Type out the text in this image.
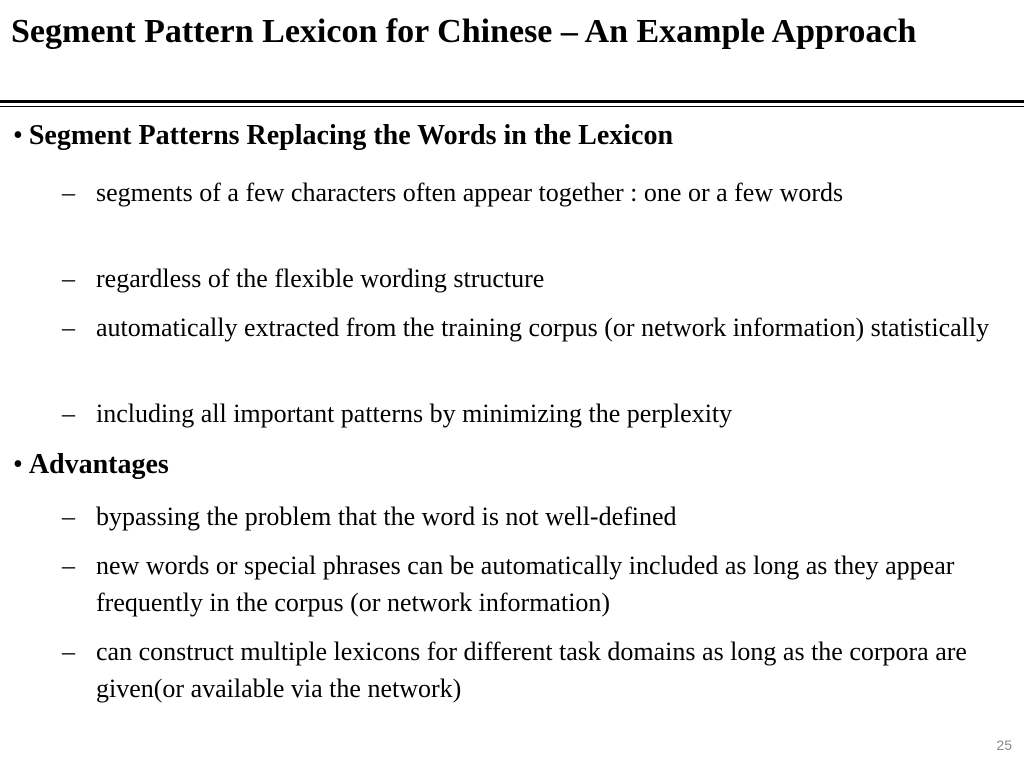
Segment Pattern Lexicon for Chinese – An Example Approach
• Segment Patterns Replacing the Words in the Lexicon
– segments of a few characters often appear together : one or a few words
– regardless of the flexible wording structure
– automatically extracted from the training corpus (or network information) statistically
– including all important patterns by minimizing the perplexity
• Advantages
– bypassing the problem that the word is not well-defined
– new words or special phrases can be automatically included as long as they appear frequently in the corpus (or network information)
– can construct multiple lexicons for different task domains as long as the corpora are given(or available via the network)
25
